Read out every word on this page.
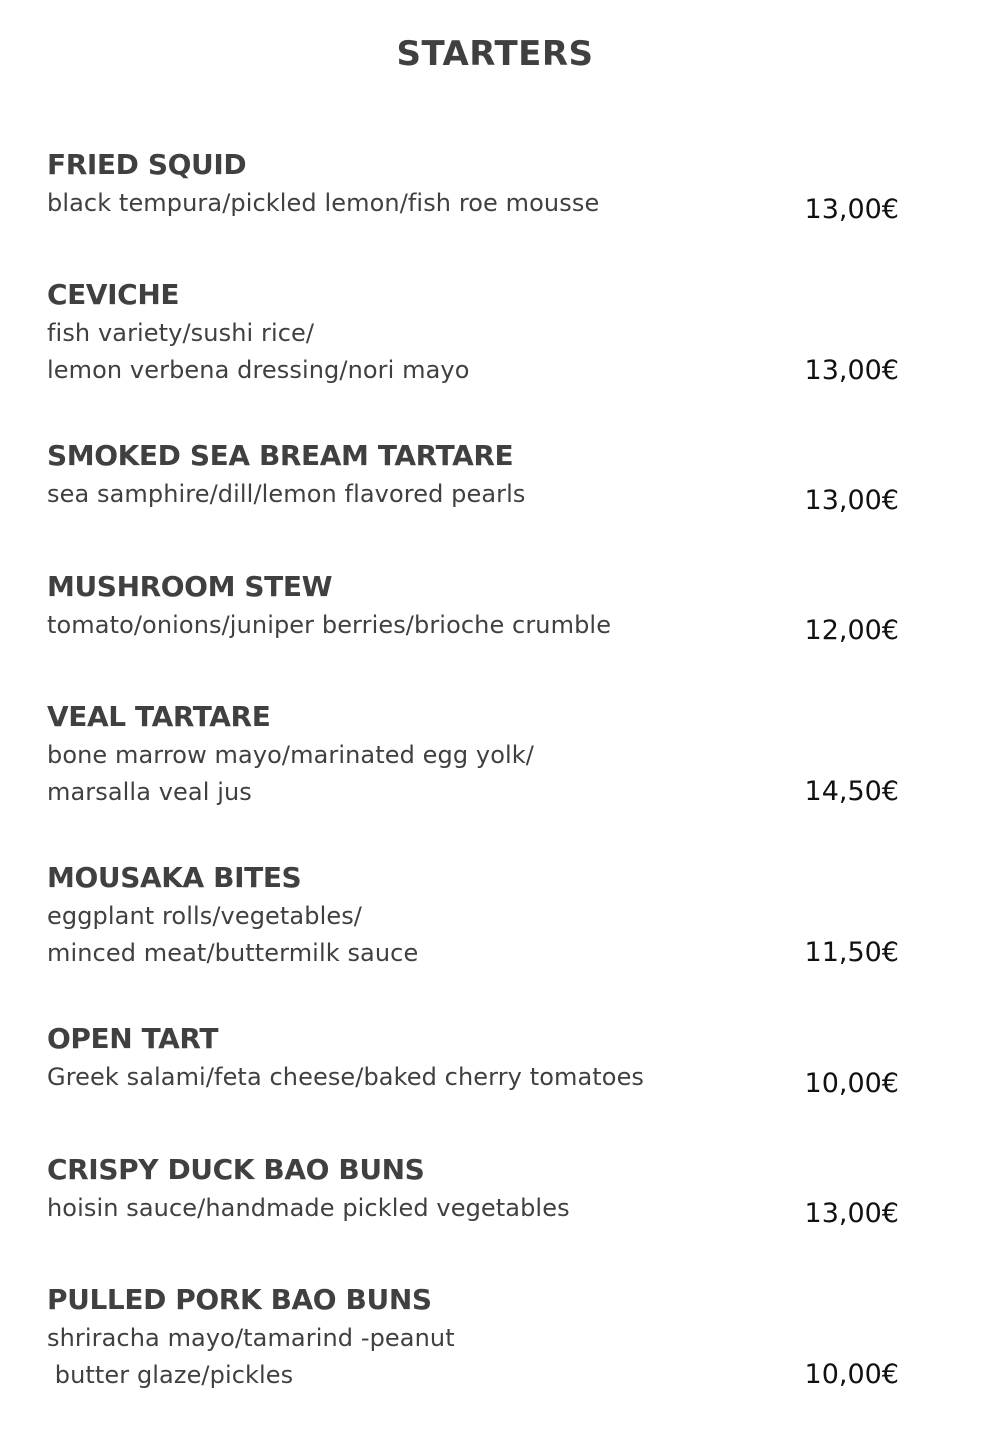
STARTERS
FRIED SQUID
black tempura/pickled lemon/fish roe mousse	13,00€
CEVICHE
fish variety/sushi rice/
lemon verbena dressing/nori mayo	13,00€
SMOKED SEA BREAM TARTARE
sea samphire/dill/lemon flavored pearls	13,00€
MUSHROOM STEW
tomato/onions/juniper berries/brioche crumble	12,00€
VEAL TARTARE
bone marrow mayo/marinated egg yolk/
marsalla veal jus	14,50€
MOUSAKA BITES
eggplant rolls/vegetables/
minced meat/buttermilk sauce	11,50€
OPEN TART
Greek salami/feta cheese/baked cherry tomatoes	10,00€
CRISPY DUCK BAO BUNS
hoisin sauce/handmade pickled vegetables	13,00€
PULLED PORK BAO BUNS
shriracha mayo/tamarind -peanut
butter glaze/pickles	10,00€
